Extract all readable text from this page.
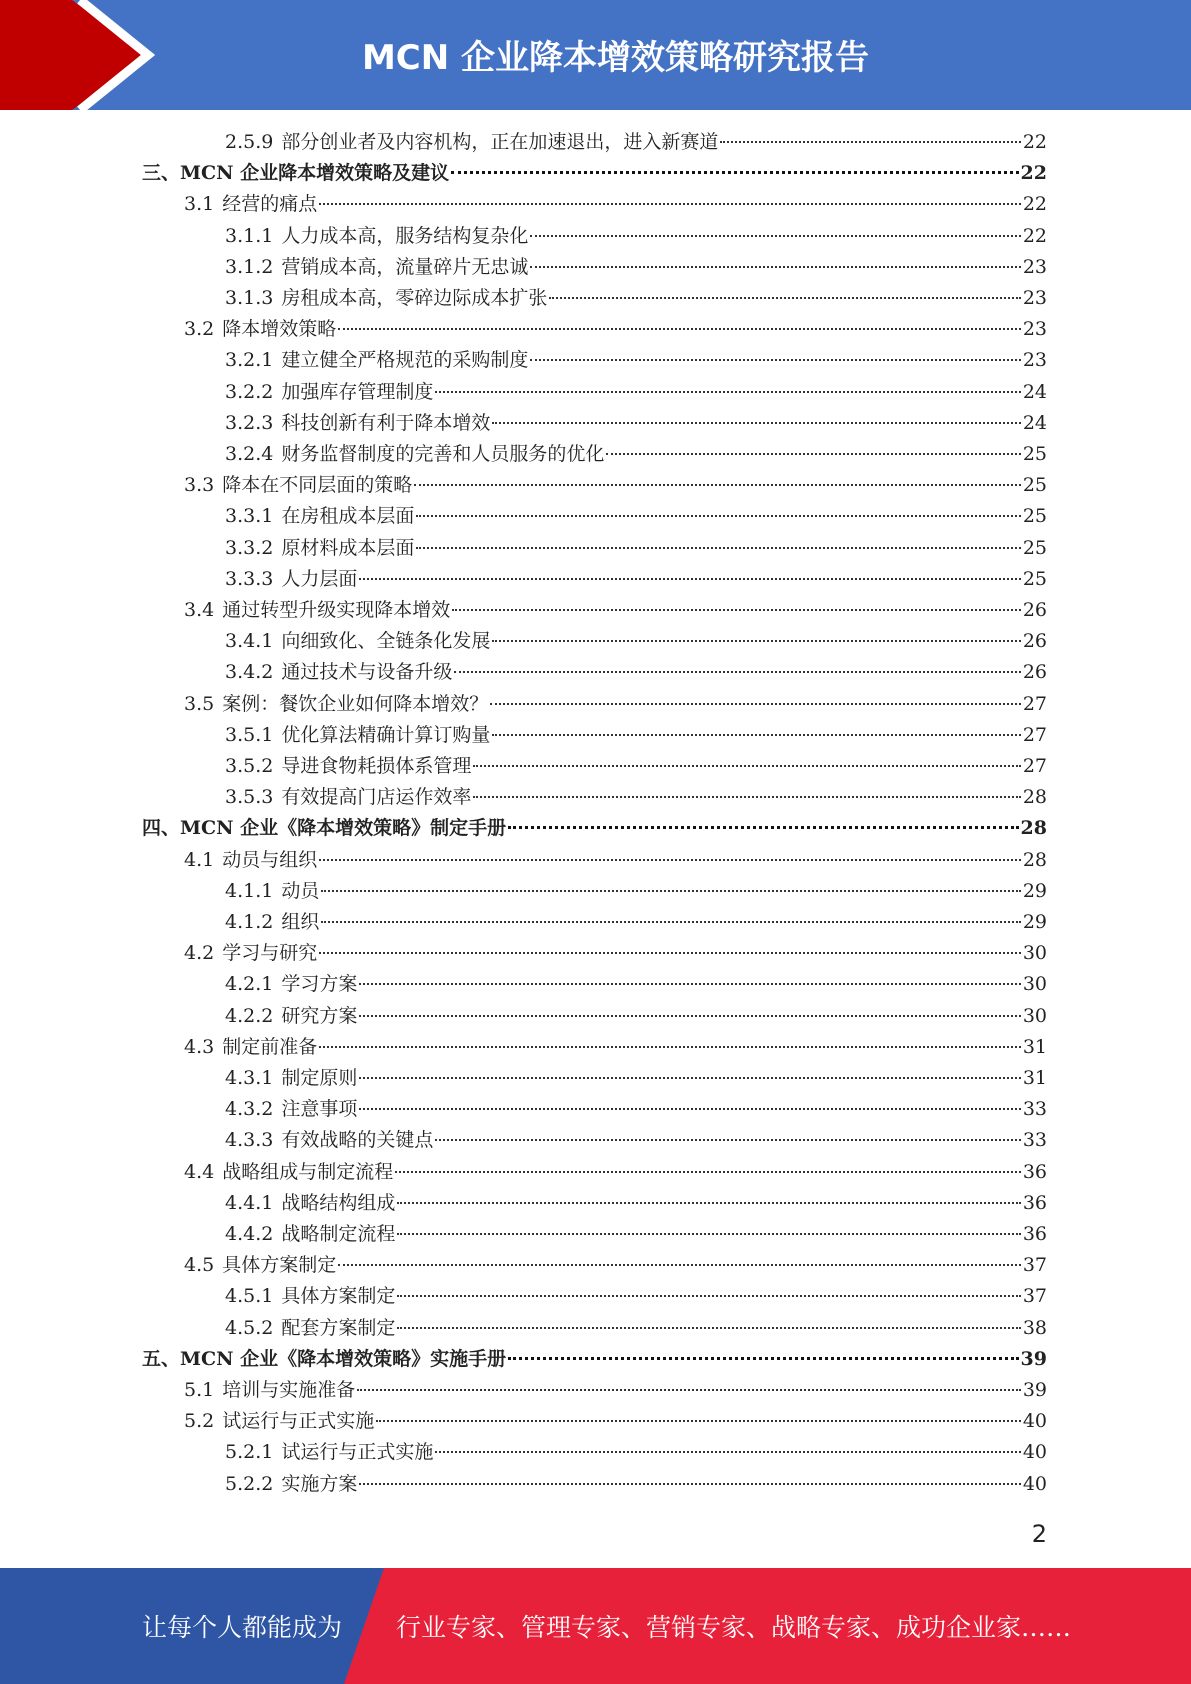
MCN 企业降本增效策略研究报告
2.5.9 部分创业者及内容机构，正在加速退出，进入新赛道	22
三、MCN 企业降本增效策略及建议	22
3.1 经营的痛点	22
3.1.1 人力成本高，服务结构复杂化	22
3.1.2 营销成本高，流量碎片无忠诚	23
3.1.3 房租成本高，零碎边际成本扩张	23
3.2 降本增效策略	23
3.2.1 建立健全严格规范的采购制度	23
3.2.2 加强库存管理制度	24
3.2.3 科技创新有利于降本增效	24
3.2.4 财务监督制度的完善和人员服务的优化	25
3.3 降本在不同层面的策略	25
3.3.1 在房租成本层面	25
3.3.2 原材料成本层面	25
3.3.3 人力层面	25
3.4 通过转型升级实现降本增效	26
3.4.1 向细致化、全链条化发展	26
3.4.2 通过技术与设备升级	26
3.5 案例：餐饮企业如何降本增效？	27
3.5.1 优化算法精确计算订购量	27
3.5.2 导进食物耗损体系管理	27
3.5.3 有效提高门店运作效率	28
四、MCN 企业《降本增效策略》制定手册	28
4.1 动员与组织	28
4.1.1 动员	29
4.1.2 组织	29
4.2 学习与研究	30
4.2.1 学习方案	30
4.2.2 研究方案	30
4.3 制定前准备	31
4.3.1 制定原则	31
4.3.2 注意事项	33
4.3.3 有效战略的关键点	33
4.4 战略组成与制定流程	36
4.4.1 战略结构组成	36
4.4.2 战略制定流程	36
4.5 具体方案制定	37
4.5.1 具体方案制定	37
4.5.2 配套方案制定	38
五、MCN 企业《降本增效策略》实施手册	39
5.1 培训与实施准备	39
5.2 试运行与正式实施	40
5.2.1 试运行与正式实施	40
5.2.2 实施方案	40
2
让每个人都能成为 行业专家、管理专家、营销专家、战略专家、成功企业家……
